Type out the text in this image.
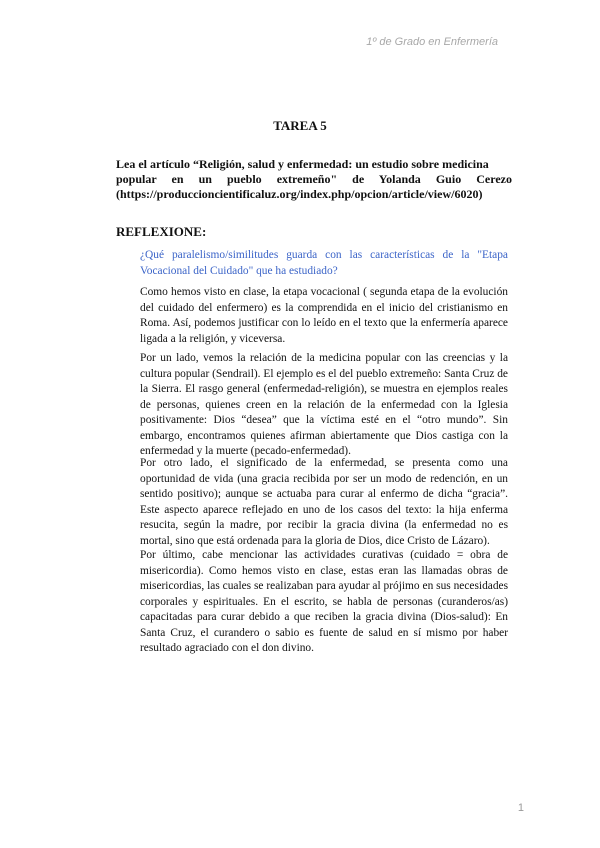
1º de Grado en Enfermería
TAREA 5
Lea el artículo “Religión, salud y enfermedad: un estudio sobre medicina
popular en un pueblo extremeño" de Yolanda Guio Cerezo
(https://produccioncientificaluz.org/index.php/opcion/article/view/6020)
REFLEXIONE:
¿Qué paralelismo/similitudes guarda con las características de la "Etapa Vocacional del Cuidado" que ha estudiado?
Como hemos visto en clase, la etapa vocacional ( segunda etapa de la evolución del cuidado del enfermero) es la comprendida en el inicio del cristianismo en Roma. Así, podemos justificar con lo leído en el texto que la enfermería aparece ligada a la religión, y viceversa.
Por un lado, vemos la relación de la medicina popular con las creencias y la cultura popular (Sendrail). El ejemplo es el del pueblo extremeño: Santa Cruz de la Sierra. El rasgo general (enfermedad-religión), se muestra en ejemplos reales de personas, quienes creen en la relación de la enfermedad con la Iglesia positivamente: Dios “desea” que la víctima esté en el “otro mundo”. Sin embargo, encontramos quienes afirman abiertamente que Dios castiga con la enfermedad y la muerte (pecado-enfermedad).
Por otro lado, el significado de la enfermedad, se presenta como una oportunidad de vida (una gracia recibida por ser un modo de redención, en un sentido positivo); aunque se actuaba para curar al enfermo de dicha “gracia”. Este aspecto aparece reflejado en uno de los casos del texto: la hija enferma resucita, según la madre, por recibir la gracia divina (la enfermedad no es mortal, sino que está ordenada para la gloria de Dios, dice Cristo de Lázaro).
Por último, cabe mencionar las actividades curativas (cuidado = obra de misericordia). Como hemos visto en clase, estas eran las llamadas obras de misericordias, las cuales se realizaban para ayudar al prójimo en sus necesidades corporales y espirituales. En el escrito, se habla de personas (curanderos/as) capacitadas para curar debido a que reciben la gracia divina (Dios-salud): En Santa Cruz, el curandero o sabio es fuente de salud en sí mismo por haber resultado agraciado con el don divino.
1
